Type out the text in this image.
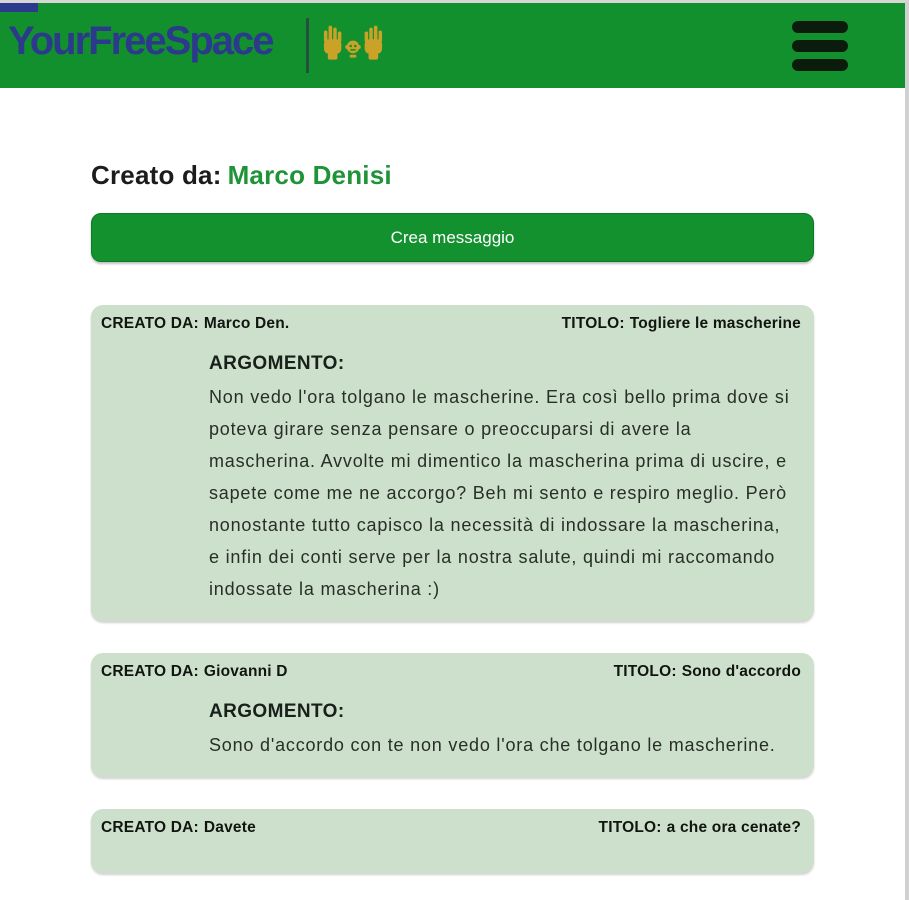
YourFreeSpace
Creato da: Marco Denisi
Crea messaggio
CREATO DA: Marco Den.	TITOLO: Togliere le mascherine
ARGOMENTO:
Non vedo l'ora tolgano le mascherine. Era così bello prima dove si poteva girare senza pensare o preoccuparsi di avere la mascherina. Avvolte mi dimentico la mascherina prima di uscire, e sapete come me ne accorgo? Beh mi sento e respiro meglio. Però nonostante tutto capisco la necessità di indossare la mascherina, e infin dei conti serve per la nostra salute, quindi mi raccomando indossate la mascherina :)
CREATO DA: Giovanni D	TITOLO: Sono d'accordo
ARGOMENTO:
Sono d'accordo con te non vedo l'ora che tolgano le mascherine.
CREATO DA: Davete	TITOLO: a che ora cenate?
